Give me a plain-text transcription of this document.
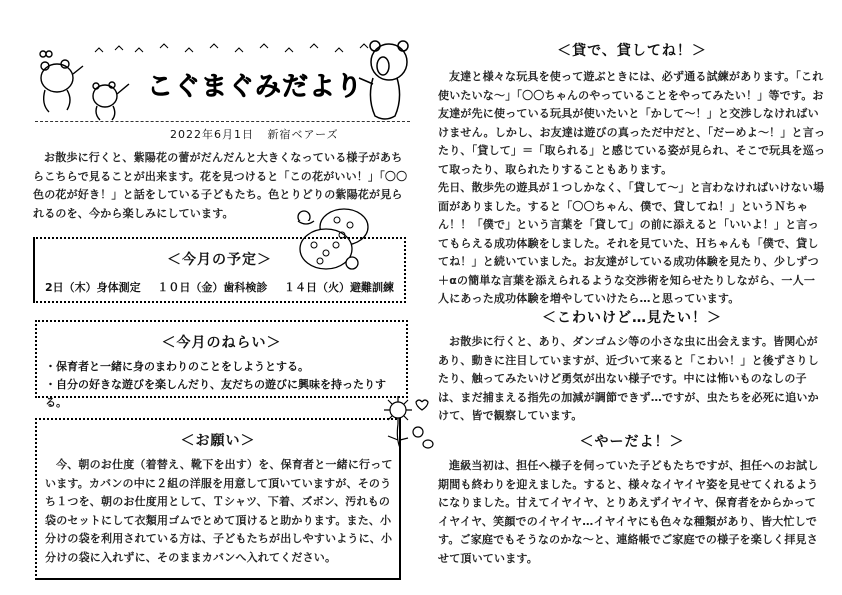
こぐまぐみだより
2022年6月1日 新宿ベアーズ
お散歩に行くと、紫陽花の蕾がだんだんと大きくなっている様子があちらこちらで見ることが出来ます。花を見つけると「この花がいい！」「〇〇色の花が好き！」と話をしている子どもたち。色とりどりの紫陽花が見られるのを、今から楽しみにしています。
＜今月の予定＞
2日（木）身体測定 １０日（金）歯科検診 １４日（火）避難訓練
＜今月のねらい＞
・ 保育者と一緒に身のまわりのことをしようとする。
・ 自分の好きな遊びを楽しんだり、友だちの遊びに興味を持ったりする。
＜お願い＞
今、朝のお仕度（着替え、靴下を出す）を、保育者と一緒に行っています。カバンの中に２組の洋服を用意して頂いていますが、そのうち１つを、朝のお仕度用として、Ｔシャツ、下着、ズボン、汚れもの袋のセットにして衣類用ゴムでとめて頂けると助かります。また、小分けの袋を利用されている方は、子どもたちが出しやすいように、小分けの袋に入れずに、そのままカバンへ入れてください。
＜貸で、貸してね！＞
友達と様々な玩具を使って遊ぶときには、必ず通る試練があります。「これ使いたいな～」「〇〇ちゃんのやっていることをやってみたい！」等です。お友達が先に使っている玩具が使いたいと「かして～！」と交渉しなければいけません。しかし、お友達は遊びの真っただ中だと、「だーめよ～！」と言ったり、「貸して」＝「取られる」と感じている姿が見られ、そこで玩具を巡って取ったり、取られたりすることもあります。
先日、散歩先の遊具が１つしかなく、「貸して～」と言わなければいけない場面がありました。すると「〇〇ちゃん、僕で、貸してね！」というＮちゃん！！「僕で」という言葉を「貸して」の前に添えると「いいよ！」と言ってもらえる成功体験をしました。それを見ていた、Ｈちゃんも「僕で、貸してね！」と続いていました。お友達がしている成功体験を見たり、少しずつ＋αの簡単な言葉を添えられるような交渉術を知らせたりしながら、一人一人にあった成功体験を増やしていけたら…と思っています。
＜こわいけど…見たい！＞
お散歩に行くと、あり、ダンゴムシ等の小さな虫に出会えます。皆関心があり、動きに注目していますが、近づいて来ると「こわい！」と後ずさりしたり、触ってみたいけど勇気が出ない様子です。中には怖いものなしの子は、まだ捕まえる指先の加減が調節できず…ですが、虫たちを必死に追いかけて、皆で観察しています。
＜やーだよ！＞
進級当初は、担任へ様子を伺っていた子どもたちですが、担任へのお試し期間も終わりを迎えました。すると、様々なイヤイヤ姿を見せてくれるようになりました。甘えてイヤイヤ、とりあえずイヤイヤ、保育者をからかってイヤイヤ、笑顔でのイヤイヤ…イヤイヤにも色々な種類があり、皆大忙しです。ご家庭でもそうなのかな～と、連絡帳でご家庭での様子を楽しく拝見させて頂いています。
